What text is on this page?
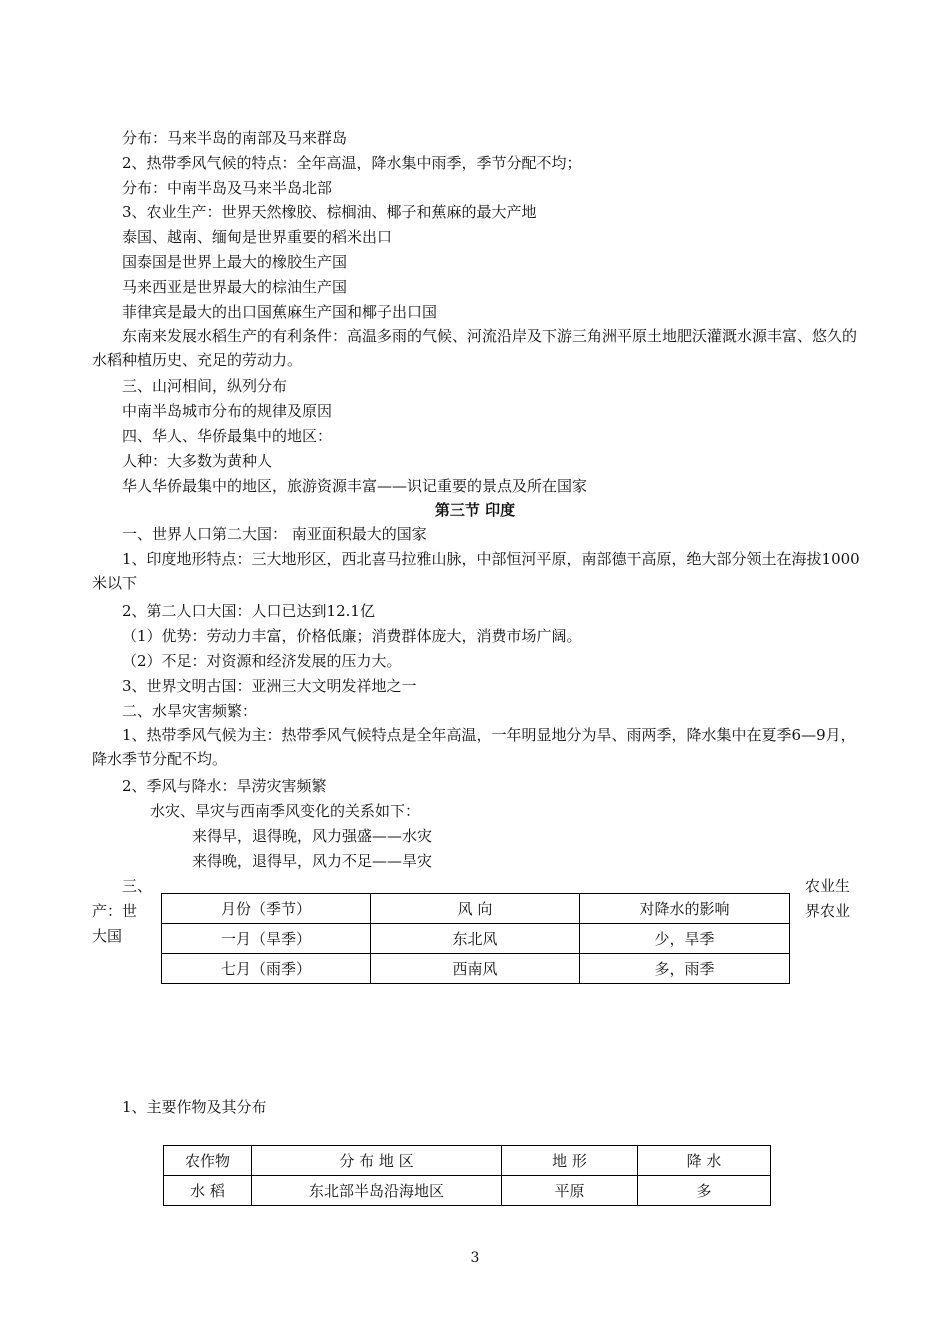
分布：马来半岛的南部及马来群岛
2、热带季风气候的特点：全年高温，降水集中雨季，季节分配不均；
分布：中南半岛及马来半岛北部
3、农业生产：世界天然橡胶、棕榈油、椰子和蕉麻的最大产地
泰国、越南、缅甸是世界重要的稻米出口
国泰国是世界上最大的橡胶生产国
马来西亚是世界最大的棕油生产国
菲律宾是最大的出口国蕉麻生产国和椰子出口国
东南来发展水稻生产的有利条件：高温多雨的气候、河流沿岸及下游三角洲平原土地肥沃灌溉水源丰富、悠久的水稻种植历史、充足的劳动力。
三、山河相间，纵列分布
中南半岛城市分布的规律及原因
四、华人、华侨最集中的地区：
人种：大多数为黄种人
华人华侨最集中的地区，旅游资源丰富——识记重要的景点及所在国家
第三节 印度
一、世界人口第二大国： 南亚面积最大的国家
1、印度地形特点：三大地形区，西北喜马拉雅山脉，中部恒河平原，南部德干高原，绝大部分领土在海拔1000米以下
2、第二人口大国：人口已达到12.1亿
（1）优势：劳动力丰富，价格低廉；消费群体庞大，消费市场广阔。
（2）不足：对资源和经济发展的压力大。
3、世界文明古国：亚洲三大文明发祥地之一
二、水旱灾害频繁：
1、热带季风气候为主：热带季风气候特点是全年高温，一年明显地分为旱、雨两季，降水集中在夏季6—9月，降水季节分配不均。
2、季风与降水：旱涝灾害频繁
水灾、旱灾与西南季风变化的关系如下：
来得早，退得晚，风力强盛——水灾
来得晚，退得早，风力不足——旱灾
三、
产：世
大国
农业生
界农业
月份（季节）	风 向	对降水的影响
一月（旱季）	东北风	少，旱季
七月（雨季）	西南风	多，雨季
1、主要作物及其分布
农作物	分 布 地 区	地 形	降 水
水 稻	东北部半岛沿海地区	平原	多
3
